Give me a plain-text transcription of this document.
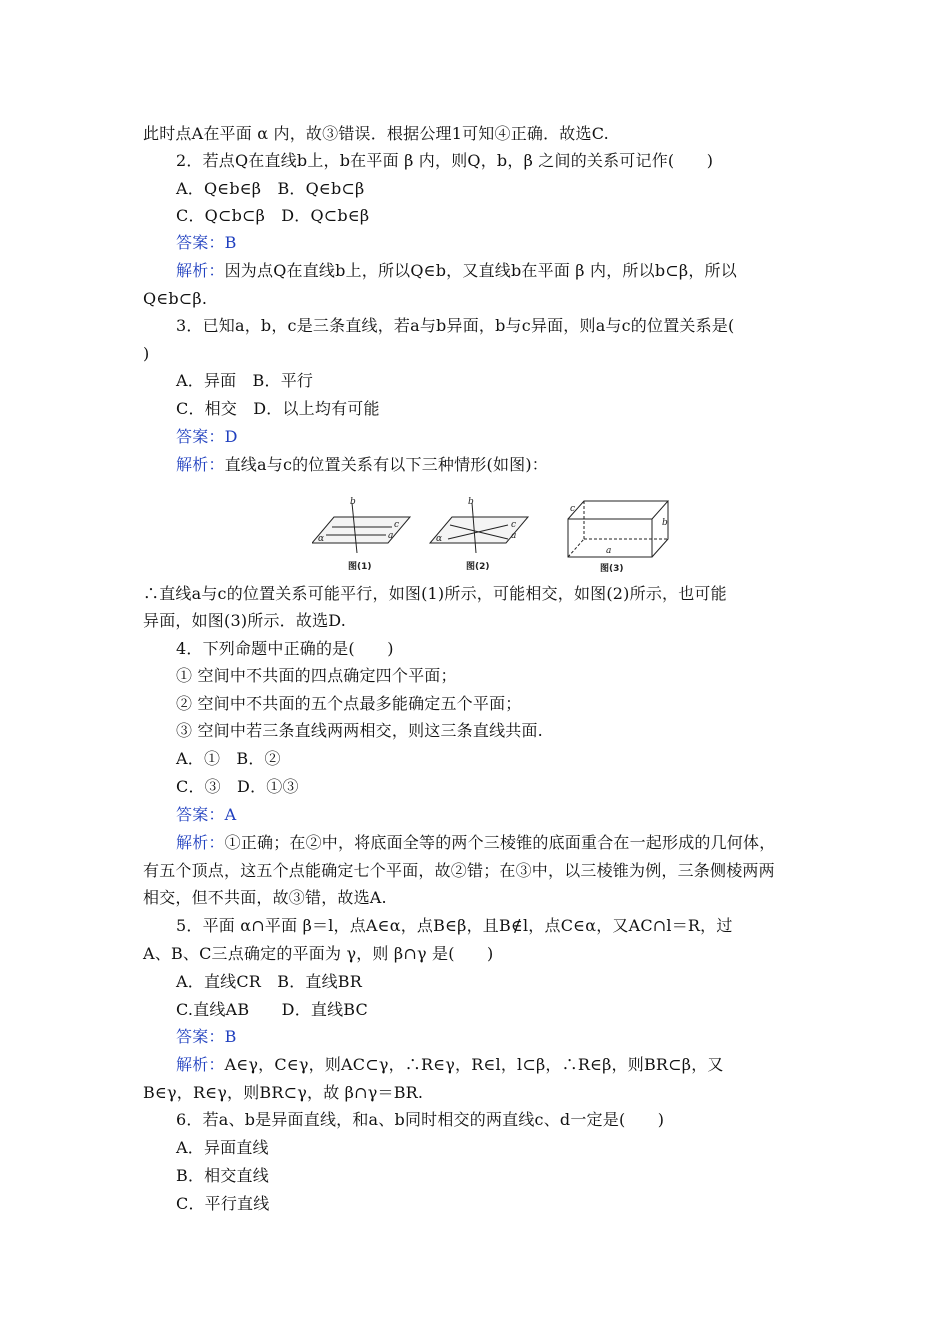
此时点A在平面 α 内，故③错误．根据公理1可知④正确．故选C.
2．若点Q在直线b上，b在平面 β 内，则Q，b，β 之间的关系可记作(　　)
A．Q∈b∈β　B．Q∈b⊂β
C．Q⊂b⊂β　D．Q⊂b∈β
答案：B
解析：因为点Q在直线b上，所以Q∈b，又直线b在平面 β 内，所以b⊂β，所以
Q∈b⊂β.
3．已知a，b，c是三条直线，若a与b异面，b与c异面，则a与c的位置关系是(
)
A．异面　B．平行
C．相交　D．以上均有可能
答案：D
解析：直线a与c的位置关系有以下三种情形(如图)：
b
c
a
α
图(1)
b
c
a
α
图(2)
c
b
a
图(3)
∴直线a与c的位置关系可能平行，如图(1)所示，可能相交，如图(2)所示，也可能
异面，如图(3)所示．故选D.
4．下列命题中正确的是(　　)
① 空间中不共面的四点确定四个平面；
② 空间中不共面的五个点最多能确定五个平面；
③ 空间中若三条直线两两相交，则这三条直线共面.
A．①　B．②
C．③　D．①③
答案：A
解析：①正确；在②中，将底面全等的两个三棱锥的底面重合在一起形成的几何体，
有五个顶点，这五个点能确定七个平面，故②错；在③中，以三棱锥为例，三条侧棱两两
相交，但不共面，故③错，故选A.
5．平面 α∩平面 β＝l，点A∈α，点B∈β，且B∉l，点C∈α，又AC∩l＝R，过
A、B、C三点确定的平面为 γ，则 β∩γ 是(　　)
A．直线CR　B．直线BR
C.直线AB　　D．直线BC
答案：B
解析：A∈γ，C∈γ，则AC⊂γ，∴R∈γ，R∈l，l⊂β，∴R∈β，则BR⊂β，又
B∈γ，R∈γ，则BR⊂γ，故 β∩γ＝BR.
6．若a、b是异面直线，和a、b同时相交的两直线c、d一定是(　　)
A．异面直线
B．相交直线
C．平行直线
